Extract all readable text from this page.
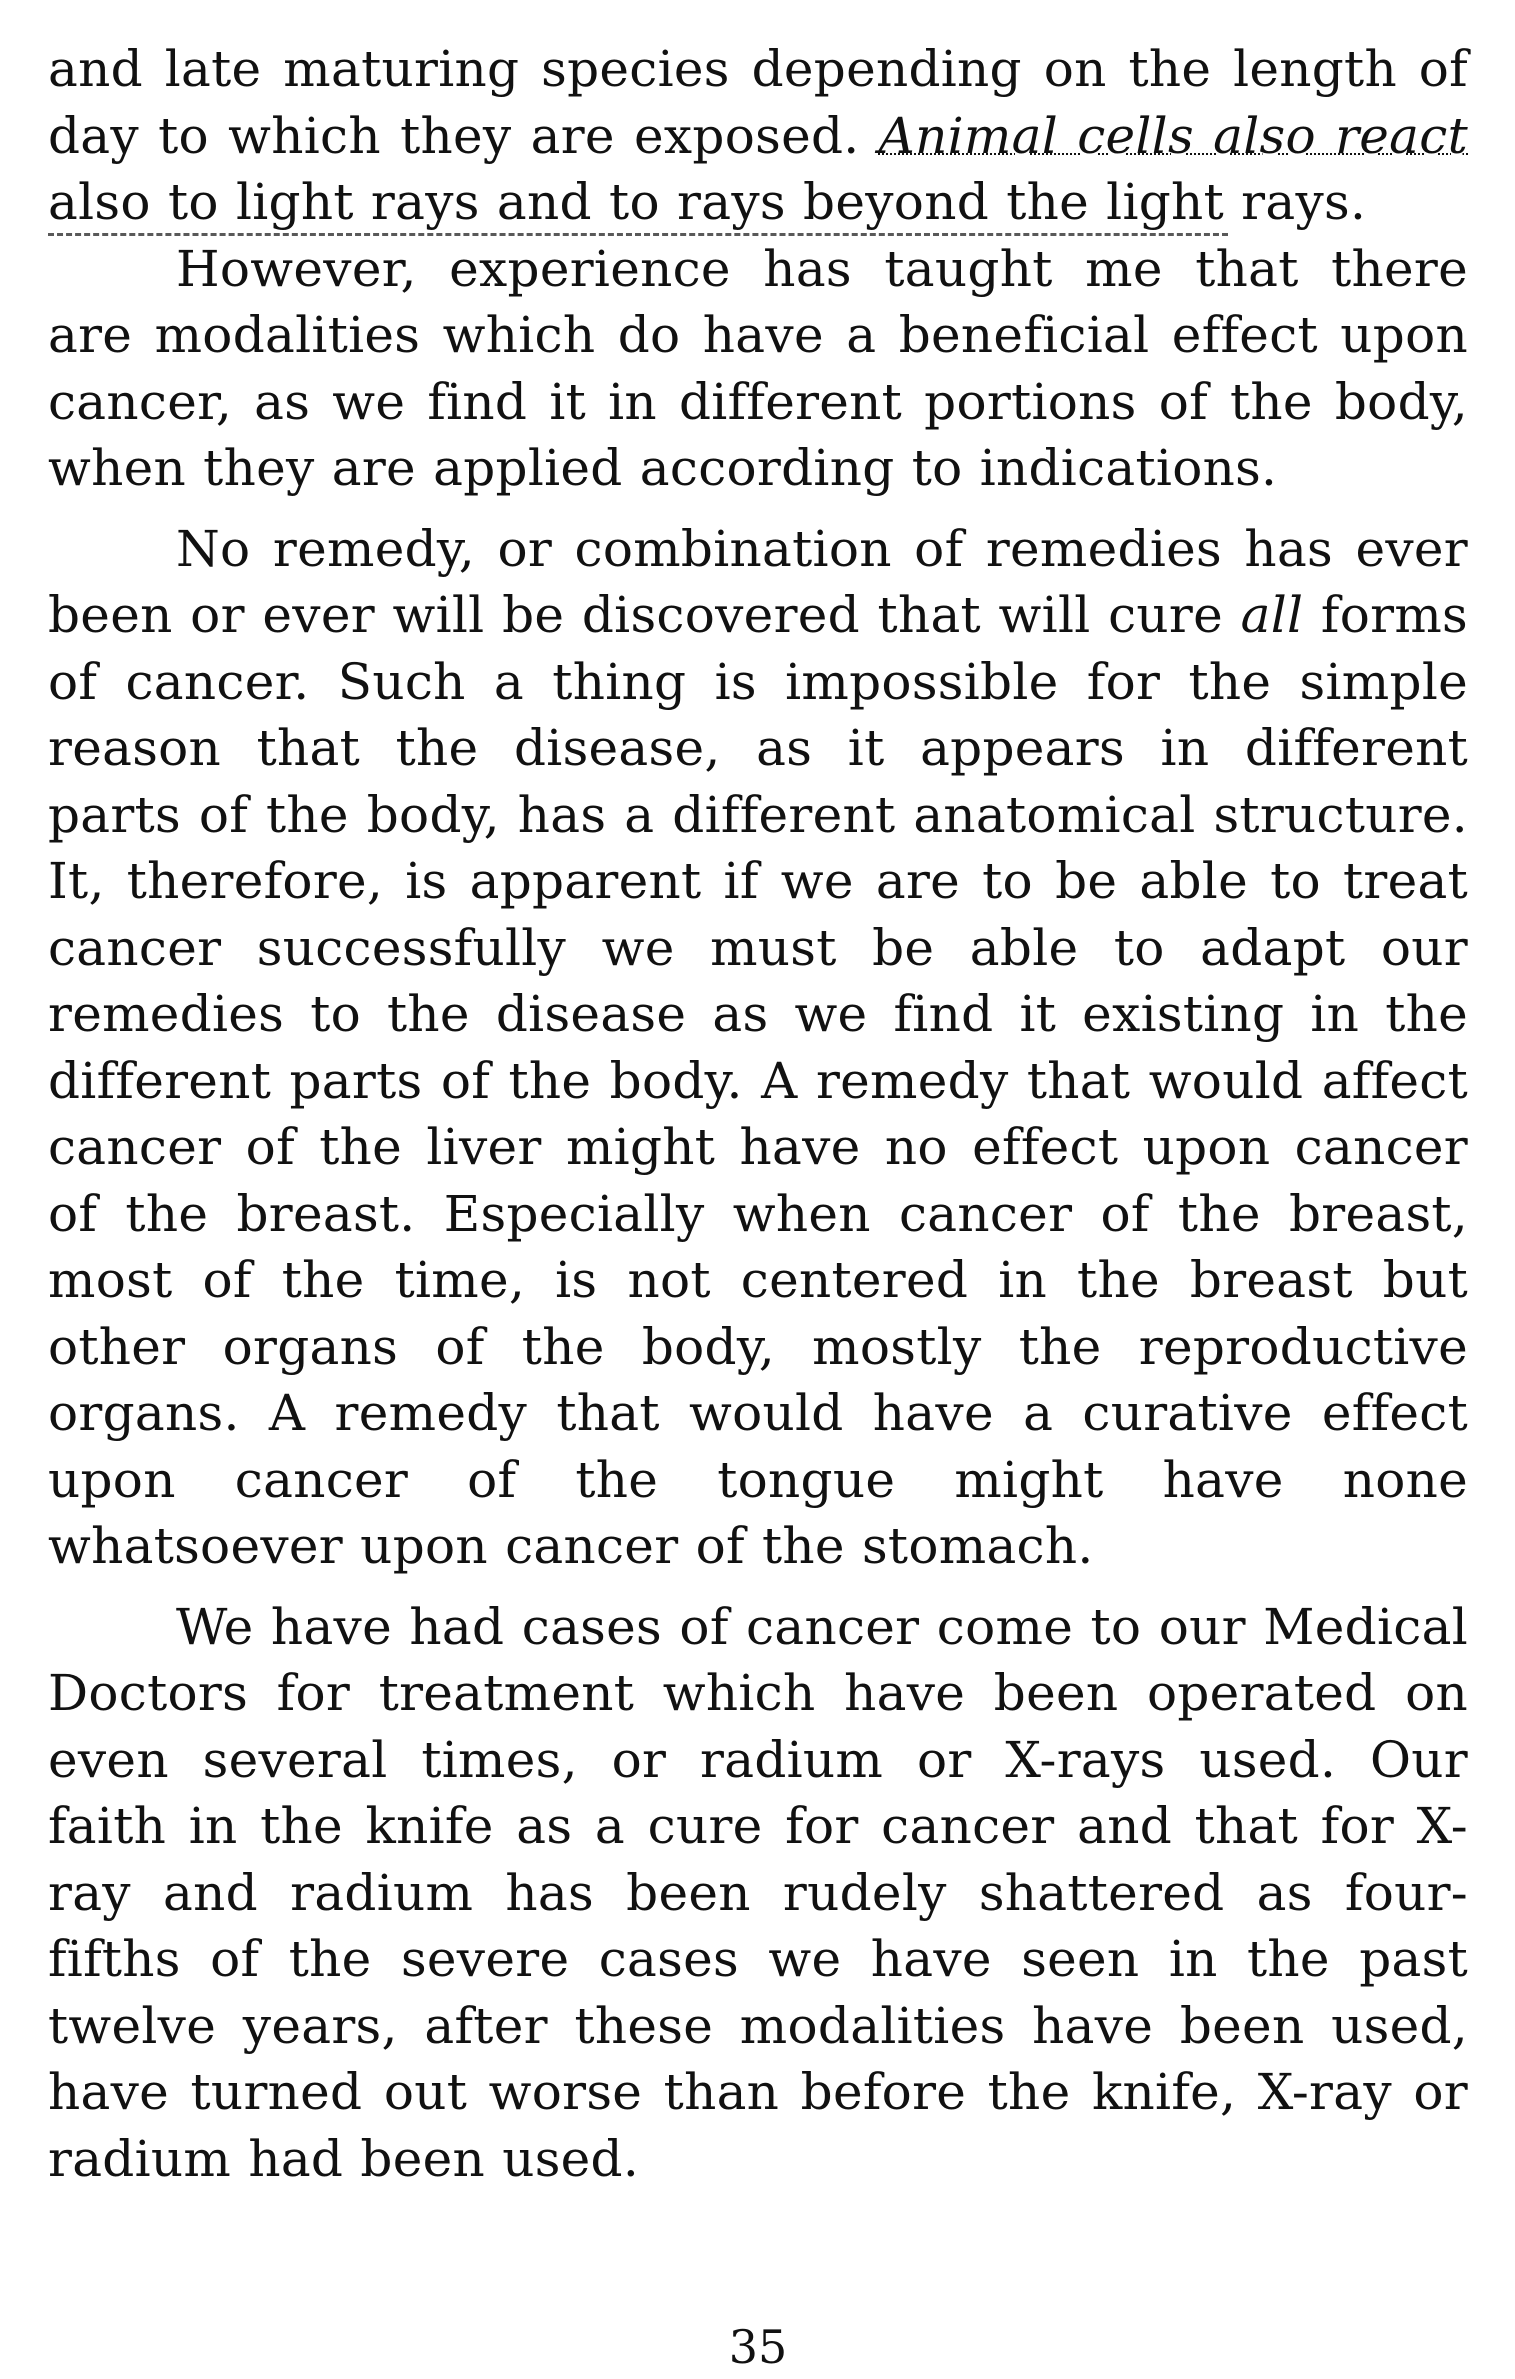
and late maturing species depending on the length of day to which they are exposed. Animal cells also react also to light rays and to rays beyond the light rays.

However, experience has taught me that there are modalities which do have a beneficial effect upon cancer, as we find it in different portions of the body, when they are applied according to indications.

No remedy, or combination of remedies has ever been or ever will be discovered that will cure all forms of cancer. Such a thing is impossible for the simple reason that the disease, as it appears in different parts of the body, has a different anatomical structure. It, therefore, is apparent if we are to be able to treat cancer successfully we must be able to adapt our remedies to the disease as we find it existing in the different parts of the body. A remedy that would affect cancer of the liver might have no effect upon cancer of the breast. Especially when cancer of the breast, most of the time, is not centered in the breast but other organs of the body, mostly the reproductive organs. A remedy that would have a curative effect upon cancer of the tongue might have none whatsoever upon cancer of the stomach.

We have had cases of cancer come to our Medical Doctors for treatment which have been operated on even several times, or radium or X-rays used. Our faith in the knife as a cure for cancer and that for X-ray and radium has been rudely shattered as four-fifths of the severe cases we have seen in the past twelve years, after these modalities have been used, have turned out worse than before the knife, X-ray or radium had been used.

35
